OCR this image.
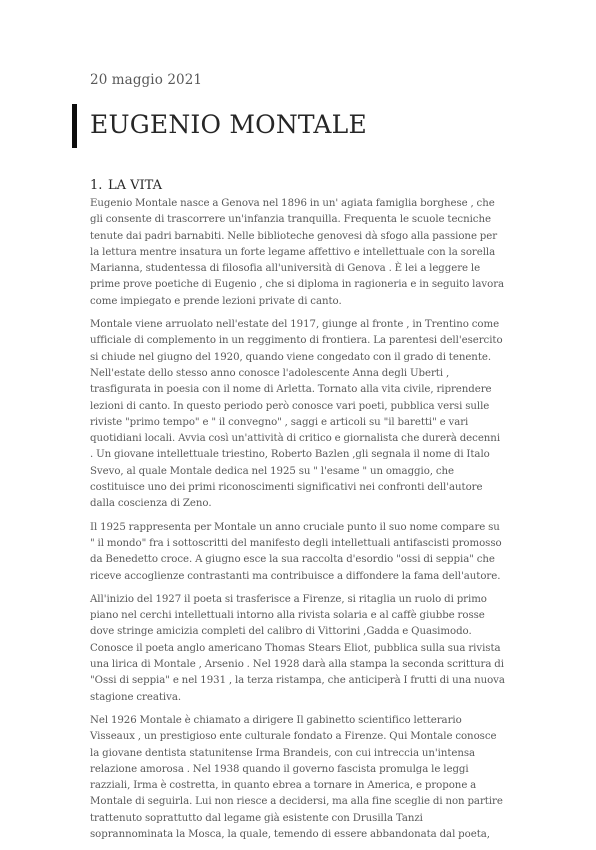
20 maggio 2021
EUGENIO MONTALE
1. LA VITA

Eugenio Montale nasce a Genova nel 1896 in un' agiata famiglia borghese , che gli consente di trascorrere un'infanzia tranquilla. Frequenta le scuole tecniche tenute dai padri barnabiti. Nelle biblioteche genovesi dà sfogo alla passione per la lettura mentre insatura un forte legame affettivo e intellettuale con la sorella Marianna, studentessa di filosofia all'università di Genova . È lei a leggere le prime prove poetiche di Eugenio , che si diploma in ragioneria e in seguito lavora come impiegato e prende lezioni private di canto.

Montale viene arruolato nell'estate del 1917, giunge al fronte , in Trentino come ufficiale di complemento in un reggimento di frontiera. La parentesi dell'esercito si chiude nel giugno del 1920, quando viene congedato con il grado di tenente. Nell'estate dello stesso anno conosce l'adolescente Anna degli Uberti , trasfigurata in poesia con il nome di Arletta. Tornato alla vita civile, riprendere lezioni di canto. In questo periodo però conosce vari poeti, pubblica versi sulle riviste "primo tempo" e " il convegno" , saggi e articoli su "il baretti" e vari quotidiani locali. Avvia così un'attività di critico e giornalista che durerà decenni . Un giovane intellettuale triestino, Roberto Bazlen ,gli segnala il nome di Italo Svevo, al quale Montale dedica nel 1925 su " l'esame " un omaggio, che costituisce uno dei primi riconoscimenti significativi nei confronti dell'autore dalla coscienza di Zeno.

Il 1925 rappresenta per Montale un anno cruciale punto il suo nome compare su " il mondo" fra i sottoscritti del manifesto degli intellettuali antifascisti promosso da Benedetto croce. A giugno esce la sua raccolta d'esordio "ossi di seppia" che riceve accoglienze contrastanti ma contribuisce a diffondere la fama dell'autore.

All'inizio del 1927 il poeta si trasferisce a Firenze, si ritaglia un ruolo di primo piano nel cerchi intellettuali intorno alla rivista solaria e al caffè giubbe rosse dove stringe amicizia completi del calibro di Vittorini ,Gadda e Quasimodo. Conosce il poeta anglo americano Thomas Stears Eliot, pubblica sulla sua rivista una lirica di Montale , Arsenio . Nel 1928 darà alla stampa la seconda scrittura di "Ossi di seppia" e nel 1931 , la terza ristampa, che anticiperà I frutti di una nuova stagione creativa.

Nel 1926 Montale è chiamato a dirigere Il gabinetto scientifico letterario Visseaux , un prestigioso ente culturale fondato a Firenze. Qui Montale conosce la giovane dentista statunitense Irma Brandeis, con cui intreccia un'intensa relazione amorosa . Nel 1938 quando il governo fascista promulga le leggi razziali, Irma è costretta, in quanto ebrea a tornare in America, e propone a Montale di seguirla. Lui non riesce a decidersi, ma alla fine sceglie di non partire trattenuto soprattutto dal legame già esistente con Drusilla Tanzi soprannominata la Mosca, la quale, temendo di essere abbandonata dal poeta,
